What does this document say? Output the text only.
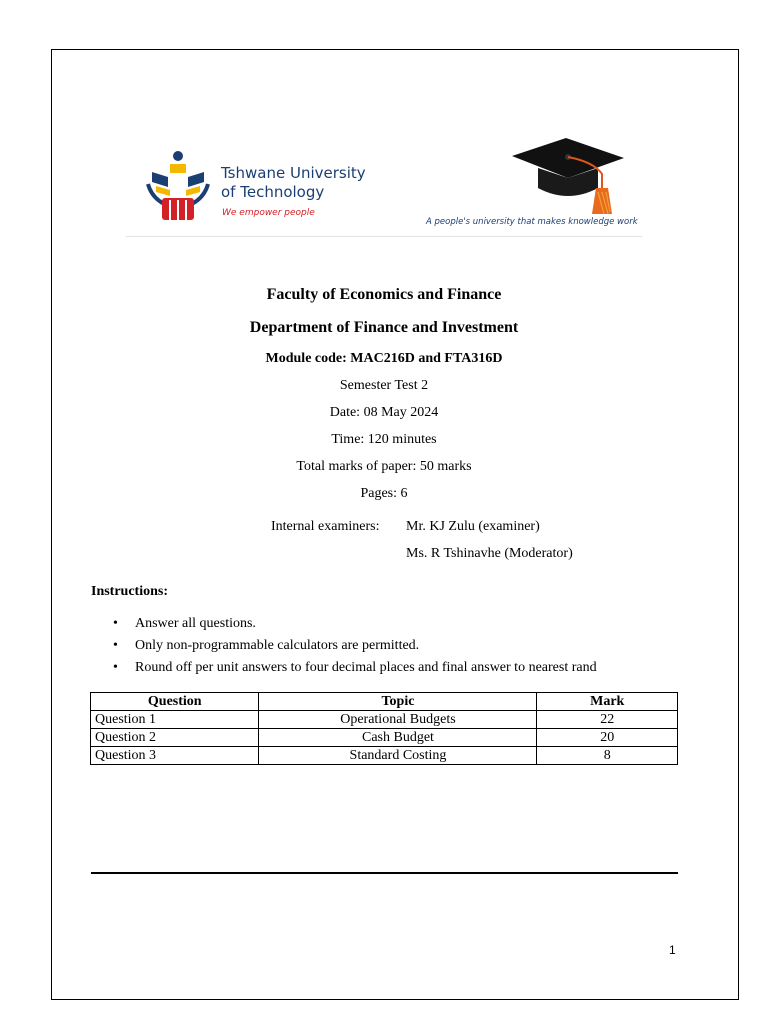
Tshwane University
of Technology
We empower people
A people's university that makes knowledge work
Faculty of Economics and Finance
Department of Finance and Investment
Module code: MAC216D and FTA316D
Semester Test 2
Date: 08 May 2024
Time: 120 minutes
Total marks of paper: 50 marks
Pages: 6
Internal examiners: Mr. KJ Zulu (examiner)
Ms. R Tshinavhe (Moderator)
Instructions:
• Answer all questions.
• Only non-programmable calculators are permitted.
• Round off per unit answers to four decimal places and final answer to nearest rand
Question	Topic	Mark
Question 1	Operational Budgets	22
Question 2	Cash Budget	20
Question 3	Standard Costing	8
1
